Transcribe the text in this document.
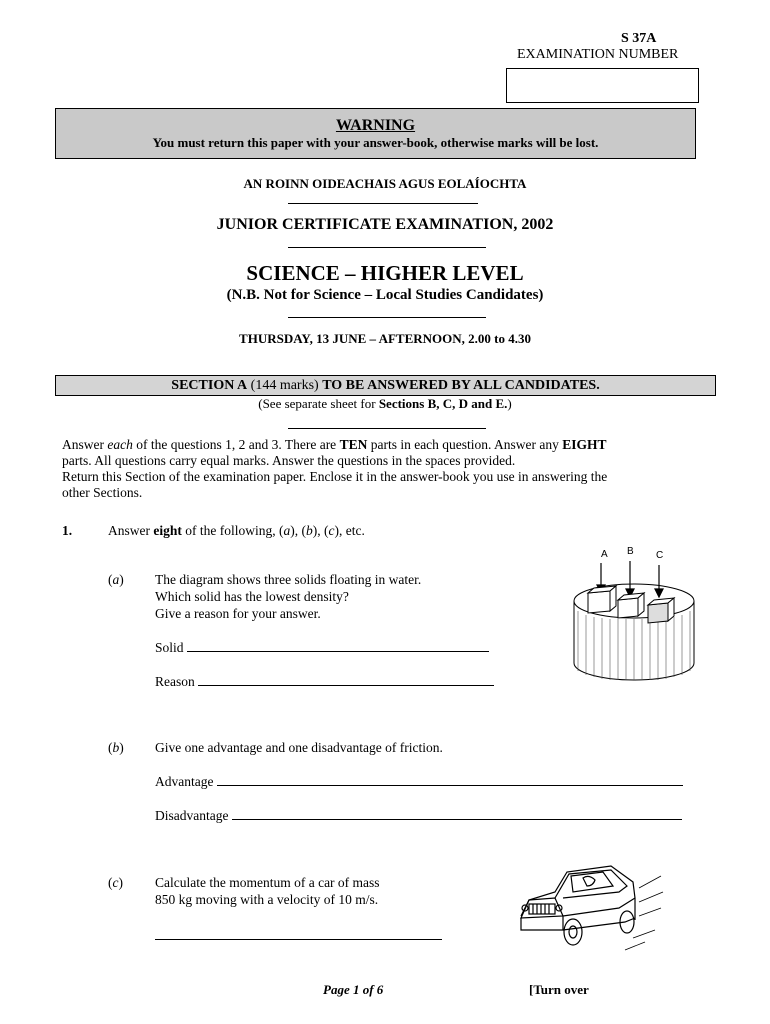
S 37A
EXAMINATION NUMBER
WARNING
You must return this paper with your answer-book, otherwise marks will be lost.
AN ROINN OIDEACHAIS AGUS EOLAÍOCHTA
JUNIOR CERTIFICATE EXAMINATION, 2002
SCIENCE – HIGHER LEVEL
(N.B. Not for Science – Local Studies Candidates)
THURSDAY, 13 JUNE – AFTERNOON, 2.00 to 4.30
SECTION A (144 marks) TO BE ANSWERED BY ALL CANDIDATES.
(See separate sheet for Sections B, C, D and E.)
Answer each of the questions 1, 2 and 3. There are TEN parts in each question. Answer any EIGHT
parts. All questions carry equal marks. Answer the questions in the spaces provided.
Return this Section of the examination paper. Enclose it in the answer-book you use in answering the
other Sections.
1.	Answer eight of the following, (a), (b), (c), etc.
(a) The diagram shows three solids floating in water.
Which solid has the lowest density?
Give a reason for your answer.
Solid
Reason
A B C
(b) Give one advantage and one disadvantage of friction.
Advantage
Disadvantage
(c) Calculate the momentum of a car of mass
850 kg moving with a velocity of 10 m/s.
Page 1 of 6	[Turn over
